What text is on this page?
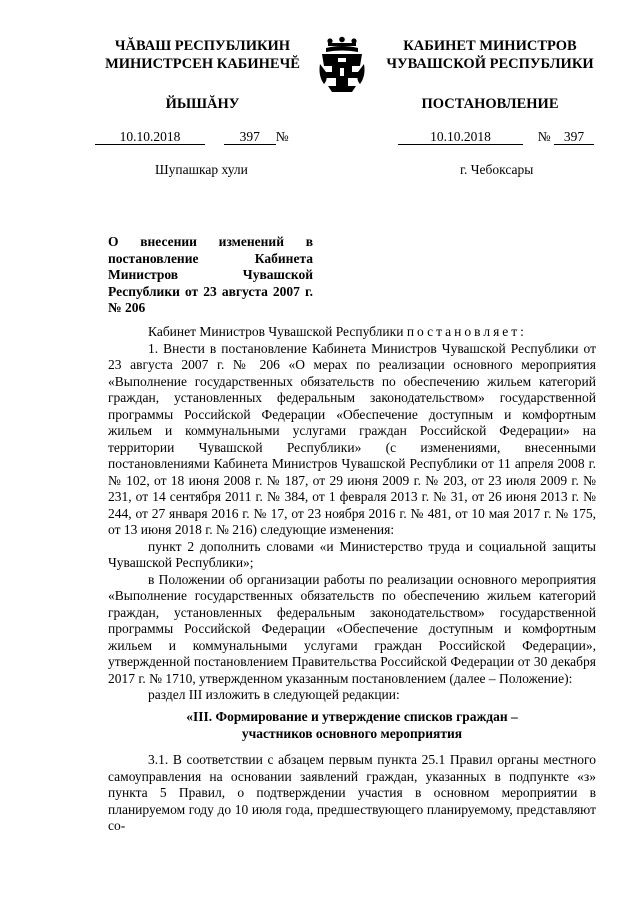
ЧĂВАШ РЕСПУБЛИКИН
МИНИСТРСЕН КАБИНЕЧĔ
КАБИНЕТ МИНИСТРОВ
ЧУВАШСКОЙ РЕСПУБЛИКИ
ЙЫШĂНУ	ПОСТАНОВЛЕНИЕ
10.10.2018	397 №	10.10.2018	№ 397
Шупашкар хули	г. Чебоксары
О внесении изменений в постановление Кабинета Министров Чувашской Республики от 23 августа 2007 г. № 206
Кабинет Министров Чувашской Республики постановляет:
1. Внести в постановление Кабинета Министров Чувашской Республики от 23 августа 2007 г. № 206 «О мерах по реализации основного мероприятия «Выполнение государственных обязательств по обеспечению жильем категорий граждан, установленных федеральным законодательством» государственной программы Российской Федерации «Обеспечение доступным и комфортным жильем и коммунальными услугами граждан Российской Федерации» на территории Чувашской Республики» (с изменениями, внесенными постановлениями Кабинета Министров Чувашской Республики от 11 апреля 2008 г. № 102, от 18 июня 2008 г. № 187, от 29 июня 2009 г. № 203, от 23 июля 2009 г. № 231, от 14 сентября 2011 г. № 384, от 1 февраля 2013 г. № 31, от 26 июня 2013 г. № 244, от 27 января 2016 г. № 17, от 23 ноября 2016 г. № 481, от 10 мая 2017 г. № 175, от 13 июня 2018 г. № 216) следующие изменения:
пункт 2 дополнить словами «и Министерство труда и социальной защиты Чувашской Республики»;
в Положении об организации работы по реализации основного мероприятия «Выполнение государственных обязательств по обеспечению жильем категорий граждан, установленных федеральным законодательством» государственной программы Российской Федерации «Обеспечение доступным и комфортным жильем и коммунальными услугами граждан Российской Федерации», утвержденной постановлением Правительства Российской Федерации от 30 декабря 2017 г. № 1710, утвержденном указанным постановлением (далее – Положение):
раздел III изложить в следующей редакции:
«III. Формирование и утверждение списков граждан –
участников основного мероприятия
3.1. В соответствии с абзацем первым пункта 25.1 Правил органы местного самоуправления на основании заявлений граждан, указанных в подпункте «з» пункта 5 Правил, о подтверждении участия в основном мероприятии в планируемом году до 10 июля года, предшествующего планируемому, представляют со-
